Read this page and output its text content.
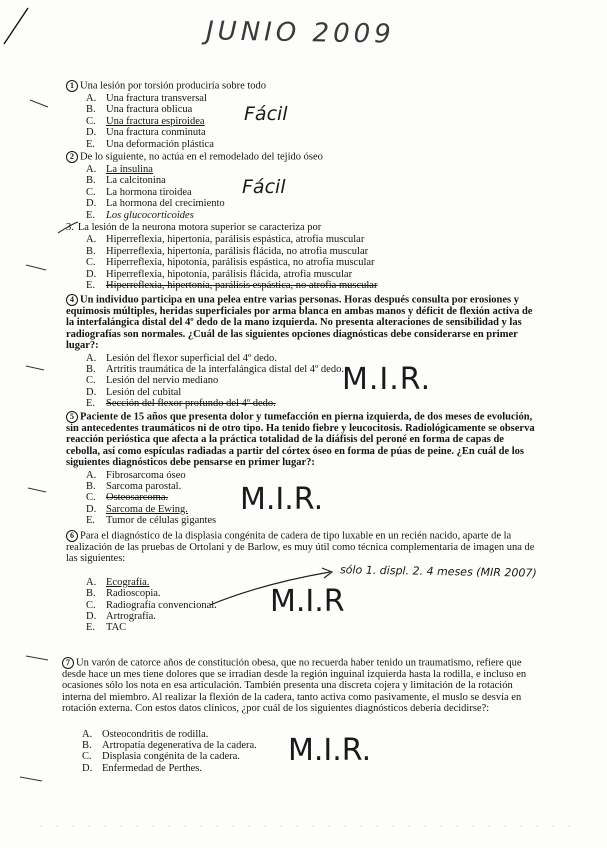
JUNIO 2009
Fácil
Fácil
M.I.R.
M.I.R.
M.I.R
M.I.R.
sólo 1. displ. 2. 4 meses (MIR 2007)

1 Una lesión por torsión produciría sobre todo

A. Una fractura transversal
B. Una fractura oblicua
C. Una fractura espiroidea
D. Una fractura conminuta
E. Una deformación plástica

2 De lo siguiente, no actúa en el remodelado del tejido óseo

A. La insulina
B. La calcitonina
C. La hormona tiroidea
D. La hormona del crecimiento
E. Los glucocorticoides

3. La lesión de la neurona motora superior se caracteriza por

A. Hiperreflexia, hipertonía, parálisis espástica, atrofia muscular
B. Hiperreflexia, hipertonía, parálisis flácida, no atrofia muscular
C. Hiperreflexia, hipotonía, parálisis espástica, no atrofia muscular
D. Hiperreflexia, hipotonía, parálisis flácida, atrofia muscular
E. Hiperreflexia, hipertonía, parálisis espástica, no atrofia muscular

4 Un individuo participa en una pelea entre varias personas. Horas después consulta por erosiones y equimosis múltiples, heridas superficiales por arma blanca en ambas manos y déficit de flexión activa de la interfalángica distal del 4º dedo de la mano izquierda. No presenta alteraciones de sensibilidad y las radiografías son normales. ¿Cuál de las siguientes opciones diagnósticas debe considerarse en primer lugar?:

A. Lesión del flexor superficial del 4º dedo.
B. Artritis traumática de la interfalángica distal del 4º dedo.
C. Lesión del nervio mediano
D. Lesión del cubital
E. Sección del flexor profundo del 4º dedo.

5 Paciente de 15 años que presenta dolor y tumefacción en pierna izquierda, de dos meses de evolución, sin antecedentes traumáticos ni de otro tipo. Ha tenido fiebre y leucocitosis. Radiológicamente se observa reacción perióstica que afecta a la práctica totalidad de la diáfisis del peroné en forma de capas de cebolla, así como espículas radiadas a partir del córtex óseo en forma de púas de peine. ¿En cuál de los siguientes diagnósticos debe pensarse en primer lugar?:

A. Fibrosarcoma óseo
B. Sarcoma parostal.
C. Osteosarcoma.
D. Sarcoma de Ewing.
E. Tumor de células gigantes

6 Para el diagnóstico de la displasia congénita de cadera de tipo luxable en un recién nacido, aparte de la realización de las pruebas de Ortolani y de Barlow, es muy útil como técnica complementaria de imagen una de las siguientes:

A. Ecografía.
B. Radioscopia.
C. Radiografía convencional.
D. Artrografía.
E. TAC

7 Un varón de catorce años de constitución obesa, que no recuerda haber tenido un traumatismo, refiere que desde hace un mes tiene dolores que se irradian desde la región inguinal izquierda hasta la rodilla, e incluso en ocasiones sólo los nota en esa articulación. También presenta una discreta cojera y limitación de la rotación interna del miembro. Al realizar la flexión de la cadera, tanto activa como pasivamente, el muslo se desvía en rotación externa. Con estos datos clínicos, ¿por cuál de los siguientes diagnósticos debería decidirse?:

A. Osteocondritis de rodilla.
B. Artropatía degenerativa de la cadera.
C. Displasia congénita de la cadera.
D. Enfermedad de Perthes.
